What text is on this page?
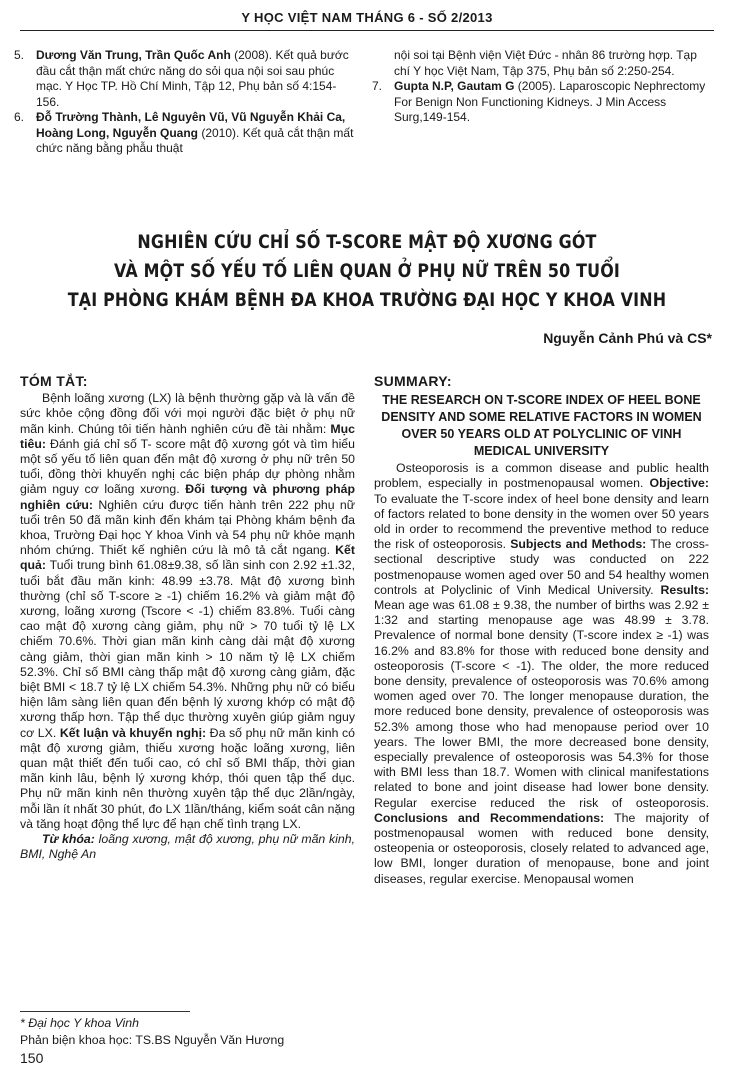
Y HỌC VIỆT NAM THÁNG 6 - SỐ 2/2013
5. Dương Văn Trung, Trần Quốc Anh (2008). Kết quả bước đầu cắt thận mất chức năng do sỏi qua nội soi sau phúc mạc. Y Học TP. Hồ Chí Minh, Tập 12, Phụ bản số 4:154- 156.
6. Đỗ Trường Thành, Lê Nguyên Vũ, Vũ Nguyễn Khải Ca, Hoàng Long, Nguyễn Quang (2010). Kết quả cắt thận mất chức năng bằng phẫu thuật
nội soi tại Bệnh viện Việt Đức - nhân 86 trường hợp. Tạp chí Y học Việt Nam, Tập 375, Phụ bản số 2:250-254.
7. Gupta N.P, Gautam G (2005). Laparoscopic Nephrectomy For Benign Non Functioning Kidneys. J Min Access Surg,149-154.
NGHIÊN CỨU CHỈ SỐ T-SCORE MẬT ĐỘ XƯƠNG GÓT
VÀ MỘT SỐ YẾU TỐ LIÊN QUAN Ở PHỤ NỮ TRÊN 50 TUỔI
TẠI PHÒNG KHÁM BỆNH ĐA KHOA TRƯỜNG ĐẠI HỌC Y KHOA VINH
Nguyễn Cảnh Phú và CS*
TÓM TẮT:

Bệnh loãng xương (LX) là bệnh thường gặp và là vấn đề sức khỏe cộng đồng đối với mọi người đặc biệt ở phụ nữ mãn kinh. Chúng tôi tiến hành nghiên cứu đề tài nhằm: Mục tiêu: Đánh giá chỉ số T- score mật độ xương gót và tìm hiểu một số yếu tố liên quan đến mật độ xương ở phụ nữ trên 50 tuổi, đồng thời khuyến nghị các biện pháp dự phòng nhằm giảm nguy cơ loãng xương. Đối tượng và phương pháp nghiên cứu: Nghiên cứu được tiến hành trên 222 phụ nữ tuổi trên 50 đã mãn kinh đến khám tại Phòng khám bệnh đa khoa, Trường Đại học Y khoa Vinh và 54 phụ nữ khỏe mạnh nhóm chứng. Thiết kế nghiên cứu là mô tả cắt ngang. Kết quả: Tuổi trung bình 61.08±9.38, số lần sinh con 2.92 ±1.32, tuổi bắt đầu mãn kinh: 48.99 ±3.78. Mật độ xương bình thường (chỉ số T-score ≥ -1) chiếm 16.2% và giảm mật độ xương, loãng xương (Tscore < -1) chiếm 83.8%. Tuổi càng cao mật độ xương càng giảm, phụ nữ > 70 tuổi tỷ lệ LX chiếm 70.6%. Thời gian mãn kinh càng dài mật độ xương càng giảm, thời gian mãn kinh > 10 năm tỷ lệ LX chiếm 52.3%. Chỉ số BMI càng thấp mật độ xương càng giảm, đặc biệt BMI < 18.7 tỷ lệ LX chiếm 54.3%. Những phụ nữ có biểu hiện lâm sàng liên quan đến bệnh lý xương khớp có mật độ xương thấp hơn. Tập thể dục thường xuyên giúp giảm nguy cơ LX. Kết luận và khuyến nghị: Đa số phụ nữ mãn kinh có mật độ xương giảm, thiếu xương hoặc loãng xương, liên quan mật thiết đến tuổi cao, có chỉ số BMI thấp, thời gian mãn kinh lâu, bệnh lý xương khớp, thói quen tập thể dục. Phụ nữ mãn kinh nên thường xuyên tập thể dục 2lần/ngày, mỗi lần ít nhất 30 phút, đo LX 1lần/tháng, kiểm soát cân nặng và tăng hoạt động thể lực để hạn chế tình trạng LX.

Từ khóa: loãng xương, mật độ xương, phụ nữ mãn kinh, BMI, Nghệ An

SUMMARY:
THE RESEARCH ON T-SCORE INDEX OF HEEL BONE DENSITY AND SOME RELATIVE FACTORS IN WOMEN OVER 50 YEARS OLD AT POLYCLINIC OF VINH MEDICAL UNIVERSITY

Osteoporosis is a common disease and public health problem, especially in postmenopausal women. Objective: To evaluate the T-score index of heel bone density and learn of factors related to bone density in the women over 50 years old in order to recommend the preventive method to reduce the risk of osteoporosis. Subjects and Methods: The cross-sectional descriptive study was conducted on 222 postmenopause women aged over 50 and 54 healthy women controls at Polyclinic of Vinh Medical University. Results: Mean age was 61.08 ± 9.38, the number of births was 2.92 ± 1:32 and starting menopause age was 48.99 ± 3.78. Prevalence of normal bone density (T-score index ≥ -1) was 16.2% and 83.8% for those with reduced bone density and osteoporosis (T-score < -1). The older, the more reduced bone density, prevalence of osteoporosis was 70.6% among women aged over 70. The longer menopause duration, the more reduced bone density, prevalence of osteoporosis was 52.3% among those who had menopause period over 10 years. The lower BMI, the more decreased bone density, especially prevalence of osteoporosis was 54.3% for those with BMI less than 18.7. Women with clinical manifestations related to bone and joint disease had lower bone density. Regular exercise reduced the risk of osteoporosis. Conclusions and Recommendations: The majority of postmenopausal women with reduced bone density, osteopenia or osteoporosis, closely related to advanced age, low BMI, longer duration of menopause, bone and joint diseases, regular exercise. Menopausal women

* Đại học Y khoa Vinh
Phản biện khoa học: TS.BS Nguyễn Văn Hương
150
